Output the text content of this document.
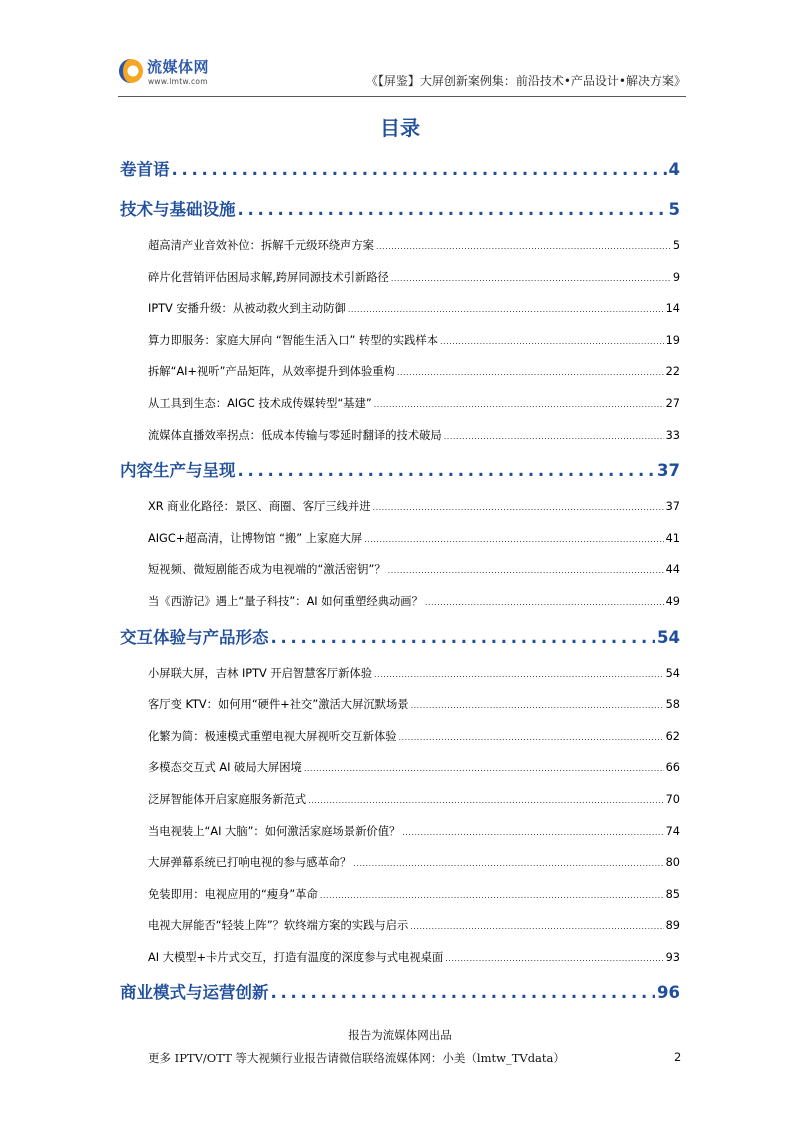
流媒体网
www.lmtw.com	《【屏鉴】大屏创新案例集：前沿技术•产品设计•解决方案》
目录
卷首语 . . .	4
技术与基础设施 . . .	5
超高清产业音效补位：拆解千元级环绕声方案 .....	5
碎片化营销评估困局求解,跨屏同源技术引新路径 .....	9
IPTV 安播升级：从被动救火到主动防御 .....	14
算力即服务：家庭大屏向 “智能生活入口” 转型的实践样本 .....	19
拆解“AI+视听”产品矩阵，从效率提升到体验重构 .....	22
从工具到生态：AIGC 技术成传媒转型“基建” .....	27
流媒体直播效率拐点：低成本传输与零延时翻译的技术破局 .....	33
内容生产与呈现 . . .	37
XR 商业化路径：景区、商圈、客厅三线并进 .....	37
AIGC+超高清，让博物馆 “搬” 上家庭大屏 .....	41
短视频、微短剧能否成为电视端的“激活密钥”？ .....	44
当《西游记》遇上“量子科技”：AI 如何重塑经典动画？ .....	49
交互体验与产品形态 . . .	54
小屏联大屏，吉林 IPTV 开启智慧客厅新体验 .....	54
客厅变 KTV：如何用“硬件+社交”激活大屏沉默场景 .....	58
化繁为简：极速模式重塑电视大屏视听交互新体验 .....	62
多模态交互式 AI 破局大屏困境 .....	66
泛屏智能体开启家庭服务新范式 .....	70
当电视装上“AI 大脑”：如何激活家庭场景新价值？ .....	74
大屏弹幕系统已打响电视的参与感革命？ .....	80
免装即用：电视应用的“瘦身”革命 .....	85
电视大屏能否“轻装上阵”？软终端方案的实践与启示 .....	89
AI 大模型+卡片式交互，打造有温度的深度参与式电视桌面 .....	93
商业模式与运营创新 . . .	96
报告为流媒体网出品
更多 IPTV/OTT 等大视频行业报告请微信联络流媒体网：小美（lmtw_TVdata）	2
